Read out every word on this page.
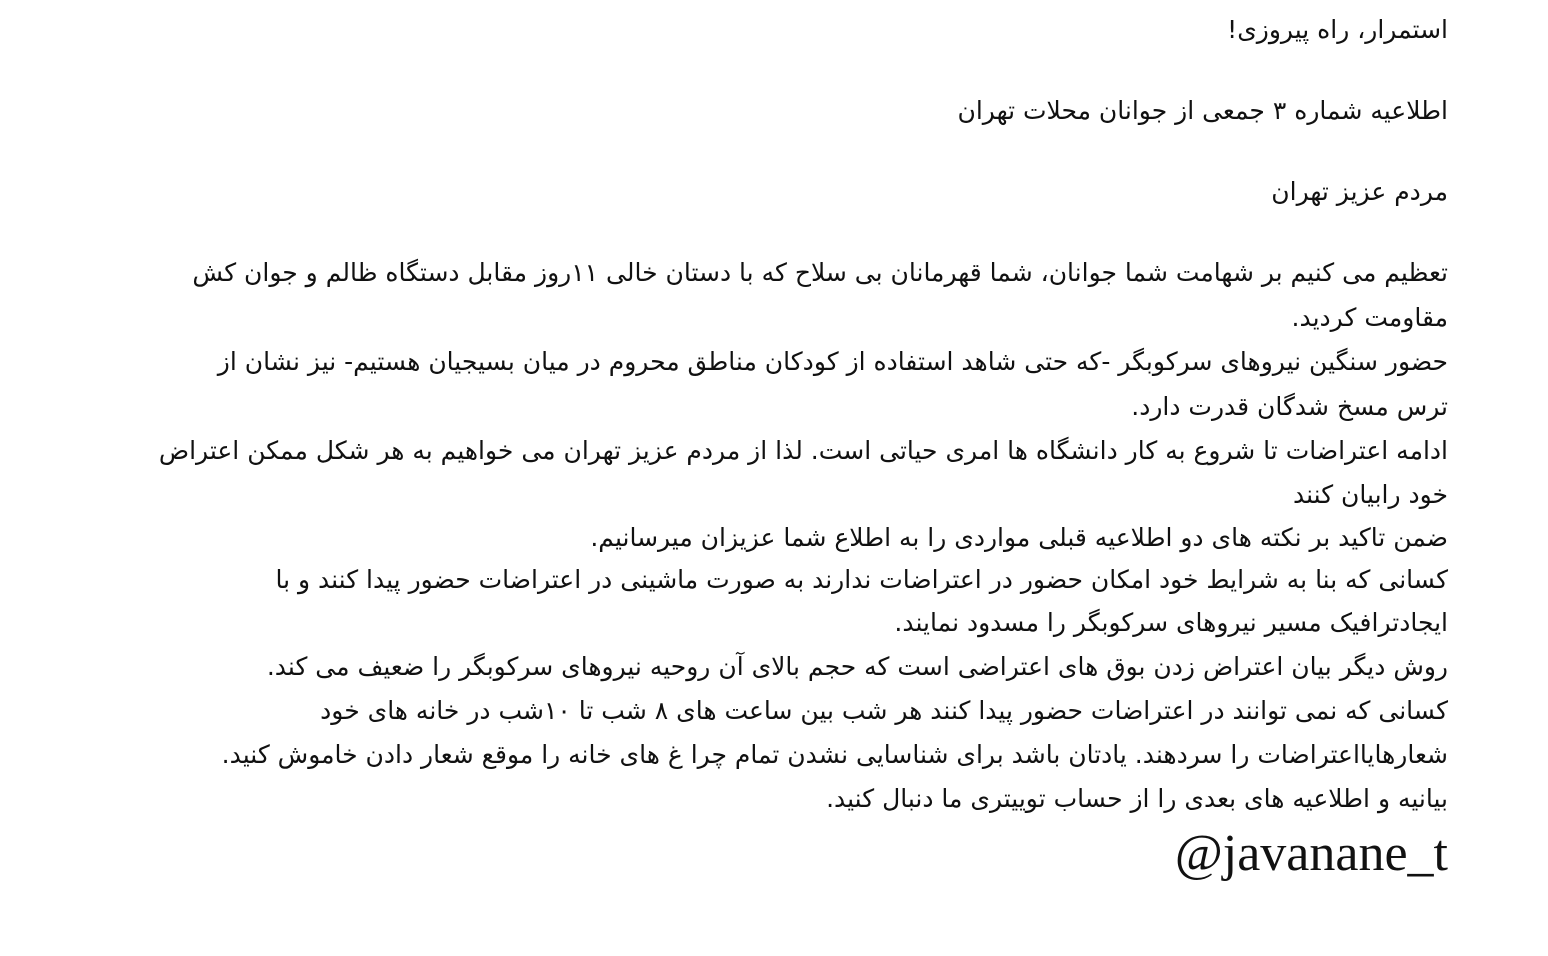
استمرار، راه پیروزی!
اطلاعیه شماره ۳ جمعی از جوانان محلات تهران
مردم عزیز تهران
تعظیم می کنیم بر شهامت شما جوانان، شما قهرمانان بی سلاح که با دستان خالی ۱۱روز مقابل دستگاه ظالم و جوان کش
مقاومت کردید.
حضور سنگین نیروهای سرکوبگر -که حتی شاهد استفاده از کودکان مناطق محروم در میان بسیجیان هستیم- نیز نشان از
ترس مسخ شدگان قدرت دارد.
ادامه اعتراضات تا شروع به کار دانشگاه ها امری حیاتی است. لذا از مردم عزیز تهران می خواهیم به هر شکل ممکن اعتراض
خود رابیان کنند
ضمن تاکید بر نکته های دو اطلاعیه قبلی مواردی را به اطلاع شما عزیزان میرسانیم.
کسانی که بنا به شرایط خود امکان حضور در اعتراضات ندارند به صورت ماشینی در اعتراضات حضور پیدا کنند و با
ایجادترافیک مسیر نیروهای سرکوبگر را مسدود نمایند.
روش دیگر بیان اعتراض زدن بوق های اعتراضی است که حجم بالای آن روحیه نیروهای سرکوبگر را ضعیف می کند.
کسانی که نمی توانند در اعتراضات حضور پیدا کنند هر شب بین ساعت های ۸ شب تا ۱۰شب در خانه های خود
شعارهایااعتراضات را سردهند. یادتان باشد برای شناسایی نشدن تمام چرا غ های خانه را موقع شعار دادن خاموش کنید.
بیانیه و اطلاعیه های بعدی را از حساب توییتری ما دنبال کنید.
@javanane_t
